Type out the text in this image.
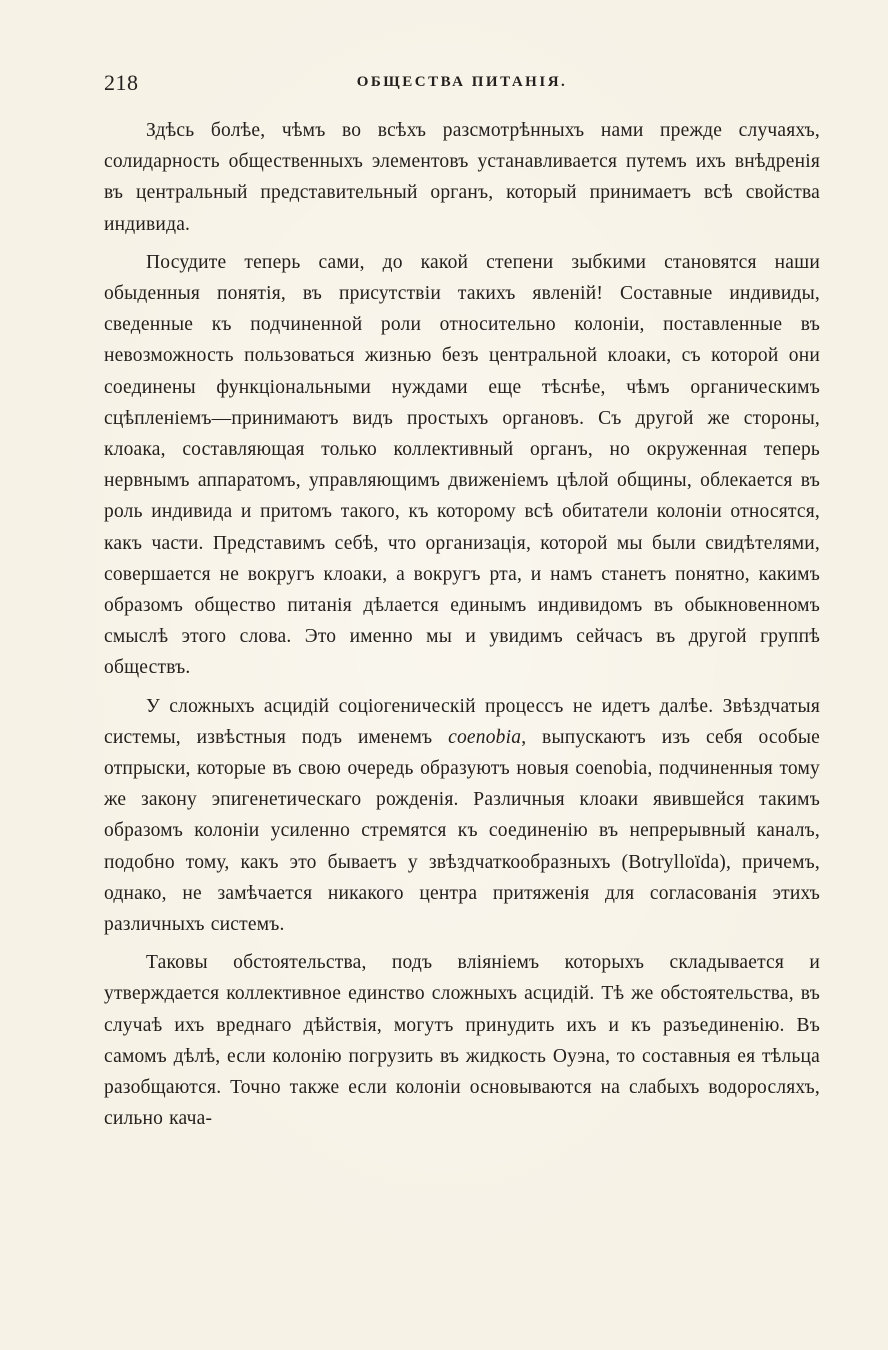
218	ОБЩЕСТВА ПИТАНІЯ.

Здѣсь болѣе, чѣмъ во всѣхъ разсмотрѣнныхъ нами прежде случаяхъ, солидарность общественныхъ элементовъ устанавливается путемъ ихъ внѣдренія въ центральный представительный органъ, который принимаетъ всѣ свойства индивида.

Посудите теперь сами, до какой степени зыбкими становятся наши обыденныя понятія, въ присутствіи такихъ явленій! Составные индивиды, сведенные къ подчиненной роли относительно колоніи, поставленные въ невозможность пользоваться жизнью безъ центральной клоаки, съ которой они соединены функціональными нуждами еще тѣснѣе, чѣмъ органическимъ сцѣпленіемъ—принимаютъ видъ простыхъ органовъ. Съ другой же стороны, клоака, составляющая только коллективный органъ, но окруженная теперь нервнымъ аппаратомъ, управляющимъ движеніемъ цѣлой общины, облекается въ роль индивида и притомъ такого, къ которому всѣ обитатели колоніи относятся, какъ части. Представимъ себѣ, что организація, которой мы были свидѣтелями, совершается не вокругъ клоаки, а вокругъ рта, и намъ станетъ понятно, какимъ образомъ общество питанія дѣлается единымъ индивидомъ въ обыкновенномъ смыслѣ этого слова. Это именно мы и увидимъ сейчасъ въ другой группѣ обществъ.

У сложныхъ асцидій соціогеническій процессъ не идетъ далѣе. Звѣздчатыя системы, извѣстныя подъ именемъ coenobia, выпускаютъ изъ себя особые отпрыски, которые въ свою очередь образуютъ новыя coenobia, подчиненныя тому же закону эпигенетическаго рожденія. Различныя клоаки явившейся такимъ образомъ колоніи усиленно стремятся къ соединенію въ непрерывный каналъ, подобно тому, какъ это бываетъ у звѣздчаткообразныхъ (Botrylloïda), причемъ, однако, не замѣчается никакого центра притяженія для согласованія этихъ различныхъ системъ.

Таковы обстоятельства, подъ вліяніемъ которыхъ складывается и утверждается коллективное единство сложныхъ асцидій. Тѣ же обстоятельства, въ случаѣ ихъ вреднаго дѣйствія, могутъ принудить ихъ и къ разъединенію. Въ самомъ дѣлѣ, если колонію погрузить въ жидкость Оуэна, то составныя ея тѣльца разобщаются. Точно также если колоніи основываются на слабыхъ водоросляхъ, сильно кача-
